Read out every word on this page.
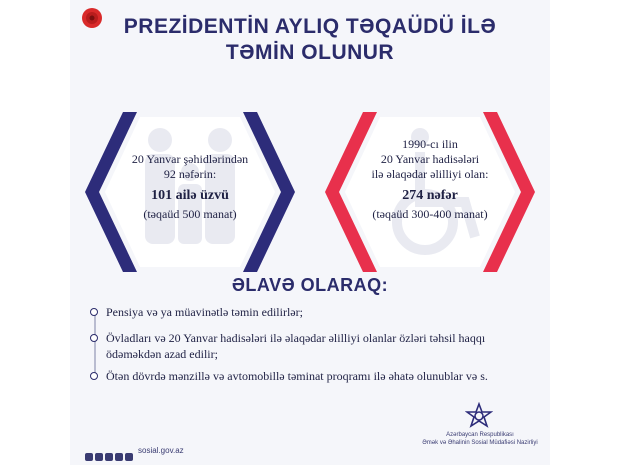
PREZİDENTİN AYLIQ TƏQAÜDÜ İLƏ
TƏMİN OLUNUR
20 Yanvar şəhidlərindən
92 nəfərin:
101 ailə üzvü
(təqaüd 500 manat)
1990-cı ilin
20 Yanvar hadisələri
ilə əlaqədar əlilliyi olan:
274 nəfər
(təqaüd 300-400 manat)
ƏLAVƏ OLARAQ:
Pensiya və ya müavinətlə təmin edilirlər;
Övladları və 20 Yanvar hadisələri ilə əlaqədar əlilliyi olanlar özləri təhsil haqqı ödəməkdən azad edilir;
Ötən dövrdə mənzillə və avtomobillə təminat proqramı ilə əhatə olunublar və s.
sosial.gov.az
Azərbaycan Respublikası
Əmək və Əhalinin Sosial Müdafiəsi Nazirliyi
